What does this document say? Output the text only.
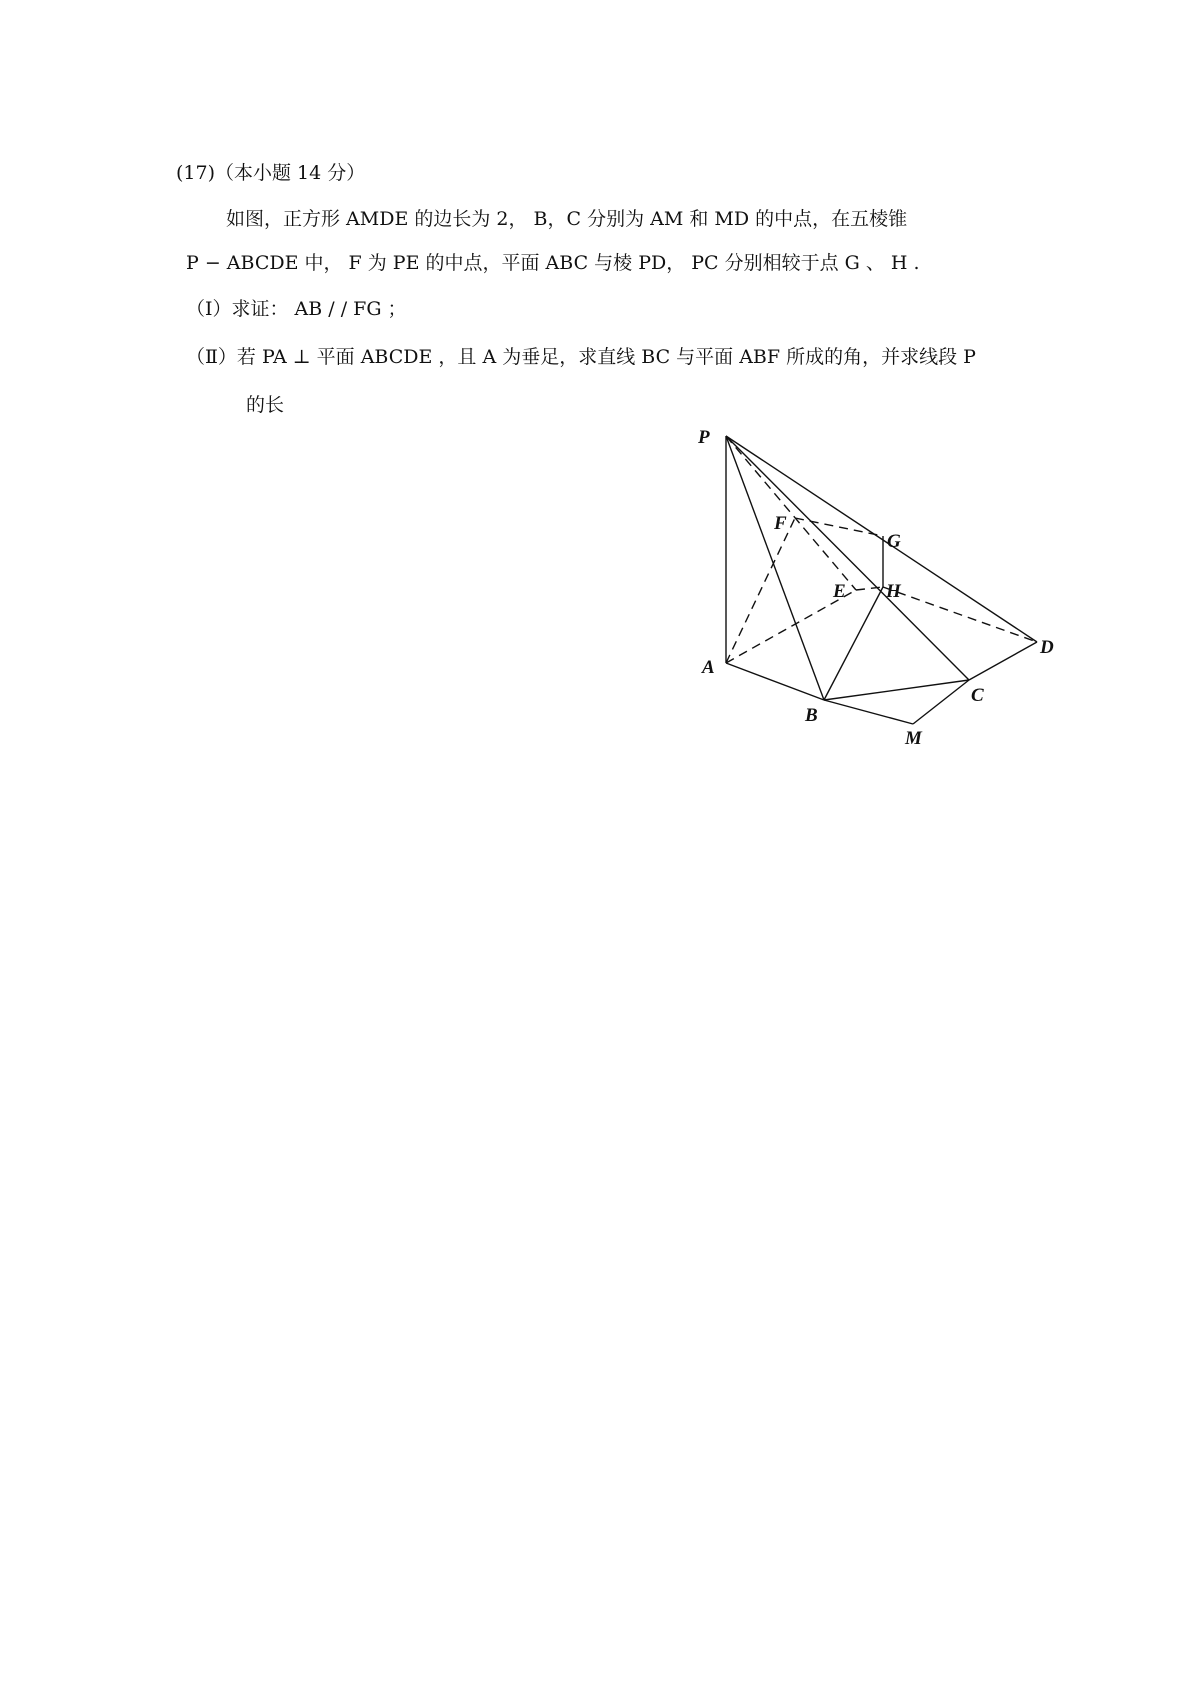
(17)（本小题 14 分）
如图，正方形 AMDE 的边长为 2， B，C 分别为 AM 和 MD 的中点，在五棱锥
P − ABCDE 中， F 为 PE 的中点，平面 ABC 与棱 PD， PC 分别相较于点 G 、 H .
（Ⅰ）求证： AB / / FG ；
（Ⅱ）若 PA ⊥ 平面 ABCDE ，且 A 为垂足，求直线 BC 与平面 ABF 所成的角，并求线段 P
的长
P
F
G
E H
D
A
B
C
M
